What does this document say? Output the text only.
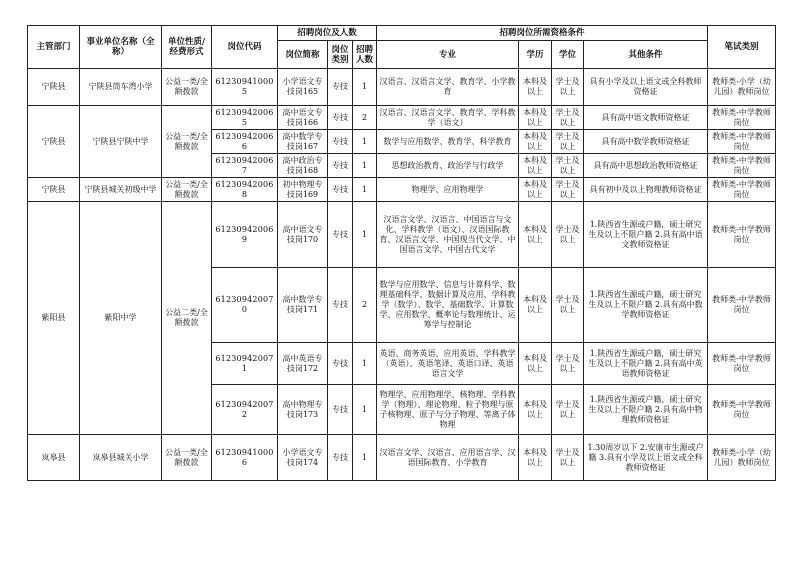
主管部门	事业单位名称（全称）	单位性质/经费形式	岗位代码	招聘岗位及人数			招聘岗位所需资格条件				笔试类别
				岗位简称	岗位类别	招聘人数	专业	学历	学位	其他条件	
宁陕县	宁陕县筒车湾小学	公益一类/全额拨款	612309410005	小学语文专技岗165	专技	1	汉语言、汉语言文学、教育学、小学教育	本科及以上	学士及以上	具有小学及以上语文或全科教师资格证	教师类-小学（幼儿园）教师岗位
宁陕县	宁陕县宁陕中学	公益一类/全额拨款	612309420065	高中语文专技岗166	专技	2	汉语言、汉语言文学、教育学、学科教学（语文）	本科及以上	学士及以上	具有高中语文教师资格证	教师类-中学教师岗位
			612309420066	高中数学专技岗167	专技	1	数学与应用数学、教育学、科学教育	本科及以上	学士及以上	具有高中数学教师资格证	教师类-中学教师岗位
			612309420067	高中政治专技岗168	专技	1	思想政治教育、政治学与行政学	本科及以上	学士及以上	具有高中思想政治教师资格证	教师类-中学教师岗位
宁陕县	宁陕县城关初级中学	公益一类/全额拨款	612309420068	初中物理专技岗169	专技	1	物理学、应用物理学	本科及以上	学士及以上	具有初中及以上物理教师资格证	教师类-中学教师岗位
紫阳县	紫阳中学	公益二类/全额拨款	612309420069	高中语文专技岗170	专技	1	汉语言文学、汉语言、中国语言与文化、学科教学（语文）、汉语国际教育、汉语言文学、中国现当代文学、中国语言文学、中国古代文学	本科及以上	学士及以上	1.陕西省生源或户籍，硕士研究生及以上不限户籍 2.具有高中语文教师资格证	教师类-中学教师岗位
			612309420070	高中数学专技岗171	专技	2	数学与应用数学、信息与计算科学、数理基础科学、数据计算及应用、学科教学（数学）、数学、基础数学、计算数学、应用数学、概率论与数理统计、运筹学与控制论	本科及以上	学士及以上	1.陕西省生源或户籍，硕士研究生及以上不限户籍 2.具有高中数学教师资格证	教师类-中学教师岗位
			612309420071	高中英语专技岗172	专技	1	英语、商务英语、应用英语、学科教学（英语）、英语笔译、英语口译、英语语言文学	本科及以上	学士及以上	1.陕西省生源或户籍，硕士研究生及以上不限户籍 2.具有高中英语教师资格证	教师类-中学教师岗位
			612309420072	高中物理专技岗173	专技	1	物理学、应用物理学、核物理、学科教学（物理）、理论物理、粒子物理与原子核物理、原子与分子物理、等离子体物理	本科及以上	学士及以上	1.陕西省生源或户籍，硕士研究生及以上不限户籍 2.具有高中物理教师资格证	教师类-中学教师岗位
岚皋县	岚皋县城关小学	公益一类/全额拨款	612309410006	小学语文专技岗174	专技	1	汉语言文学、汉语言、应用语言学、汉语国际教育、小学教育	本科及以上	学士及以上	1.30周岁以下 2.安康市生源或户籍 3.具有小学及以上语文或全科教师资格证	教师类-小学（幼儿园）教师岗位
